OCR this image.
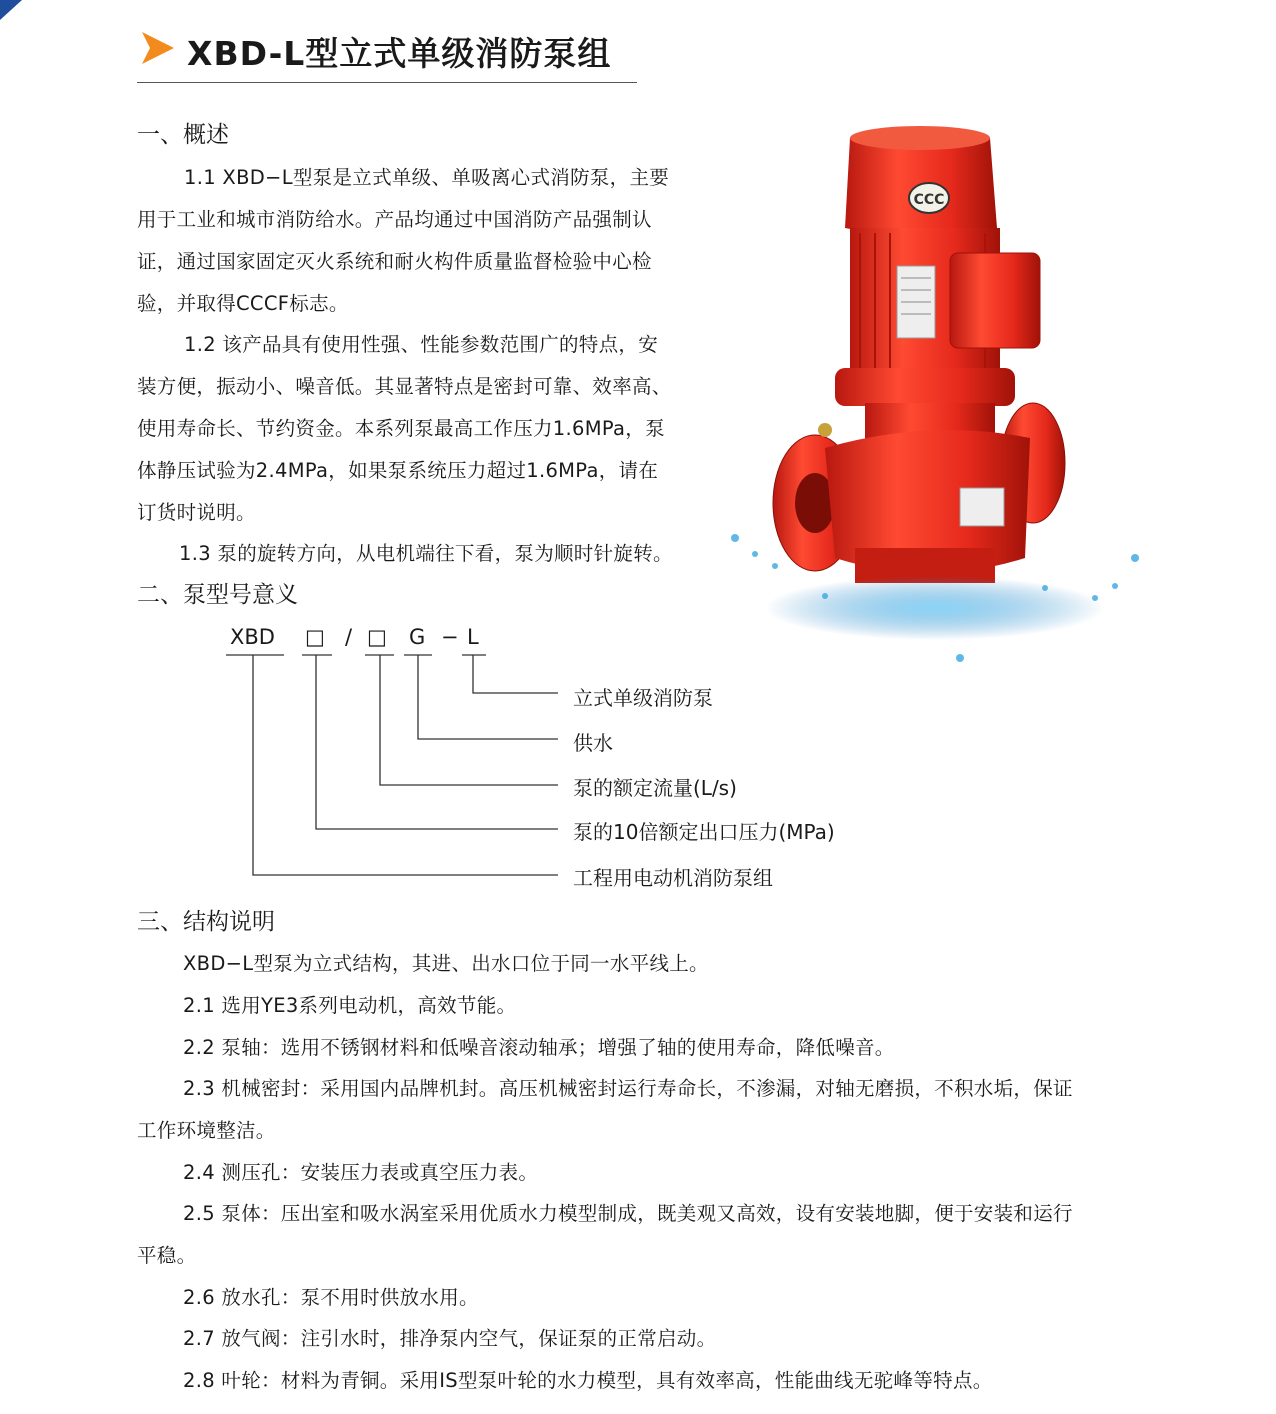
XBD-L型立式单级消防泵组
一、概述
1.1 XBD−L型泵是立式单级、单吸离心式消防泵，主要
用于工业和城市消防给水。产品均通过中国消防产品强制认
证，通过国家固定灭火系统和耐火构件质量监督检验中心检
验，并取得CCCF标志。
1.2 该产品具有使用性强、性能参数范围广的特点，安
装方便，振动小、噪音低。其显著特点是密封可靠、效率高、
使用寿命长、节约资金。本系列泵最高工作压力1.6MPa，泵
体静压试验为2.4MPa，如果泵系统压力超过1.6MPa，请在
订货时说明。
1.3 泵的旋转方向，从电机端往下看，泵为顺时针旋转。
CCC
二、泵型号意义
XBD □ / □ G − L
立式单级消防泵
供水
泵的额定流量(L/s)
泵的10倍额定出口压力(MPa)
工程用电动机消防泵组
三、结构说明
XBD−L型泵为立式结构，其进、出水口位于同一水平线上。
2.1 选用YE3系列电动机，高效节能。
2.2 泵轴：选用不锈钢材料和低噪音滚动轴承；增强了轴的使用寿命，降低噪音。
2.3 机械密封：采用国内品牌机封。高压机械密封运行寿命长，不渗漏，对轴无磨损，不积水垢，保证
工作环境整洁。
2.4 测压孔：安装压力表或真空压力表。
2.5 泵体：压出室和吸水涡室采用优质水力模型制成，既美观又高效，设有安装地脚，便于安装和运行
平稳。
2.6 放水孔：泵不用时供放水用。
2.7 放气阀：注引水时，排净泵内空气，保证泵的正常启动。
2.8 叶轮：材料为青铜。采用IS型泵叶轮的水力模型，具有效率高，性能曲线无驼峰等特点。
